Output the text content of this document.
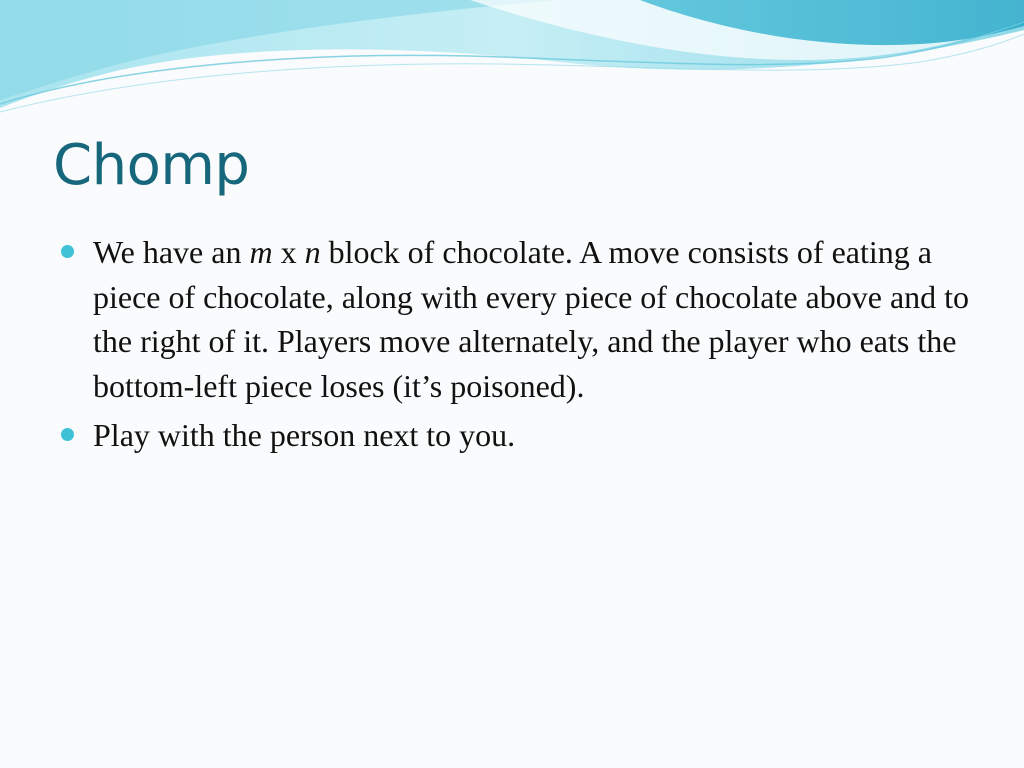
Chomp
We have an m x n block of chocolate. A move consists of eating a piece of chocolate, along with every piece of chocolate above and to the right of it. Players move alternately, and the player who eats the bottom-left piece loses (it’s poisoned).
Play with the person next to you.
